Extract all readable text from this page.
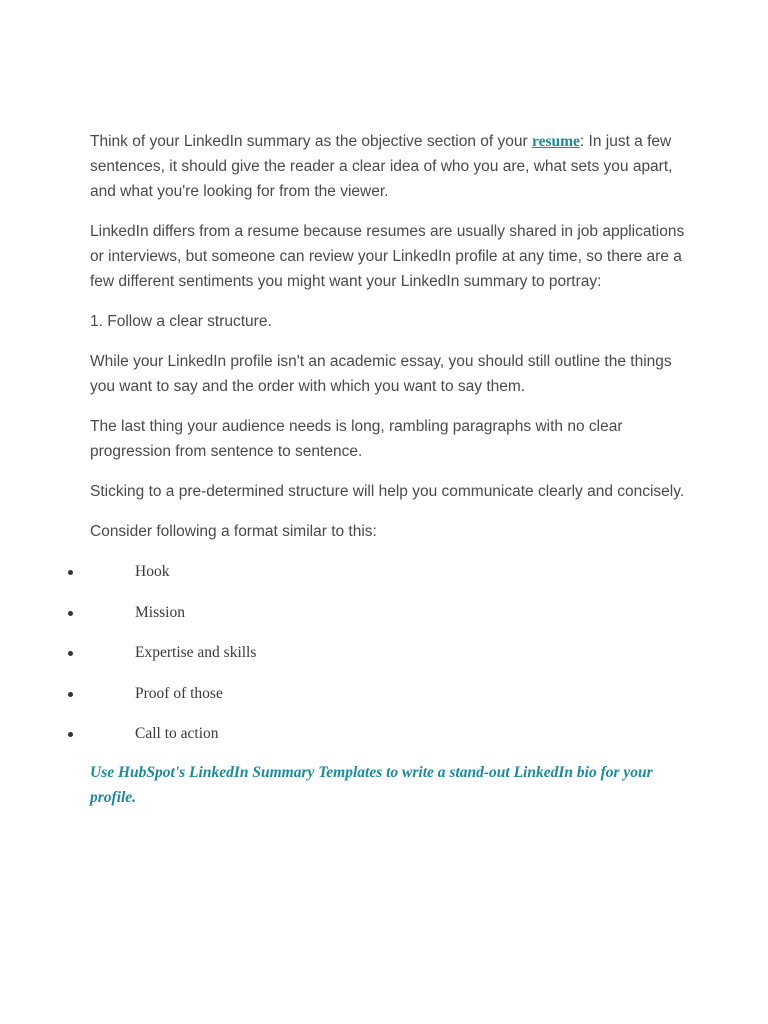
Think of your LinkedIn summary as the objective section of your resume: In just a few sentences, it should give the reader a clear idea of who you are, what sets you apart, and what you're looking for from the viewer.

LinkedIn differs from a resume because resumes are usually shared in job applications or interviews, but someone can review your LinkedIn profile at any time, so there are a few different sentiments you might want your LinkedIn summary to portray:

1. Follow a clear structure.

While your LinkedIn profile isn't an academic essay, you should still outline the things you want to say and the order with which you want to say them.

The last thing your audience needs is long, rambling paragraphs with no clear progression from sentence to sentence.

Sticking to a pre-determined structure will help you communicate clearly and concisely.

Consider following a format similar to this:

Hook
Mission
Expertise and skills
Proof of those
Call to action

Use HubSpot's LinkedIn Summary Templates to write a stand-out LinkedIn bio for your profile.
